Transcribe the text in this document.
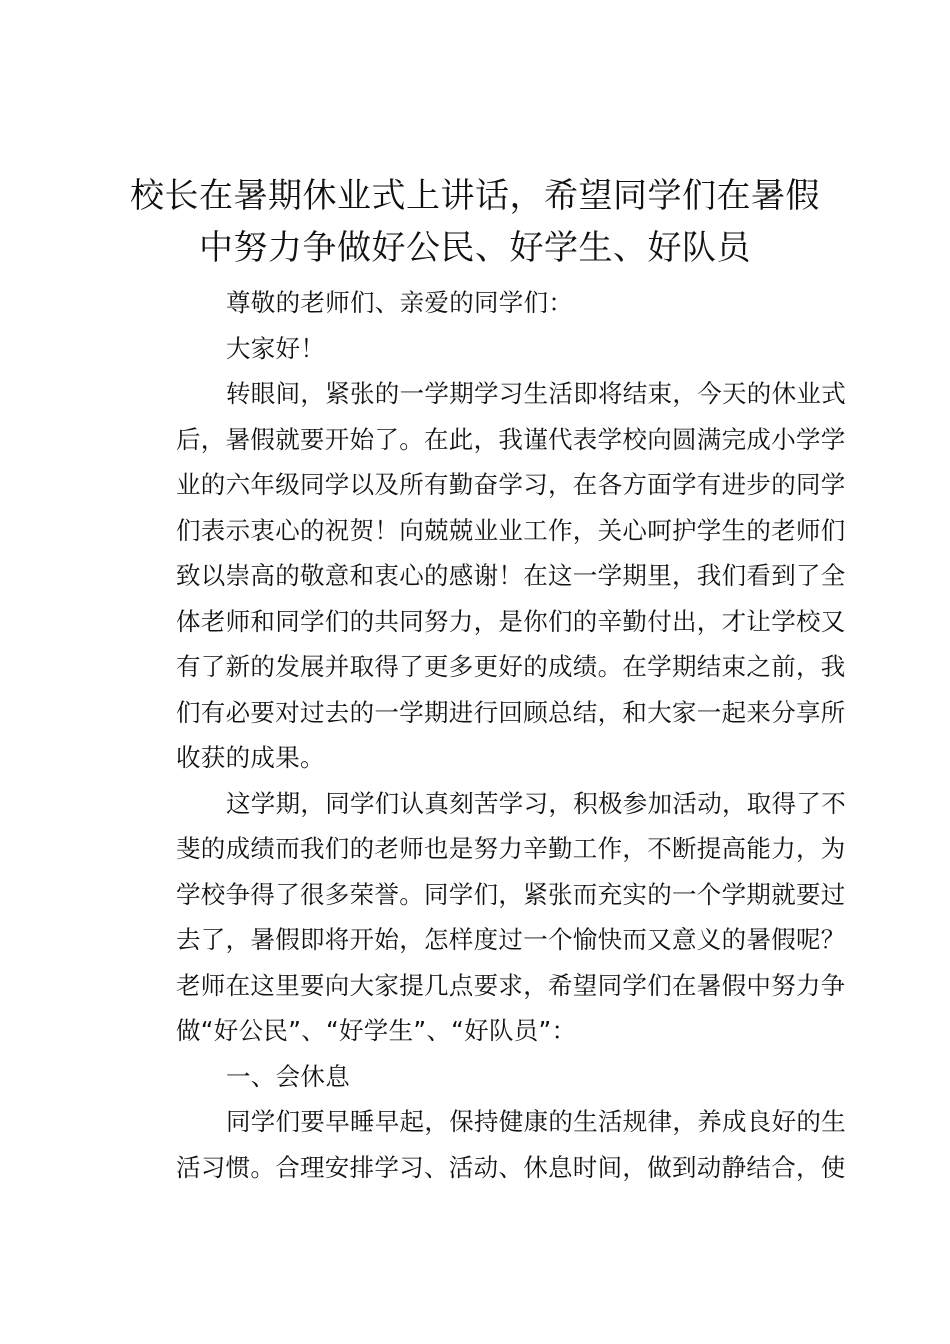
校长在暑期休业式上讲话，希望同学们在暑假
中努力争做好公民、好学生、好队员

尊敬的老师们、亲爱的同学们：

大家好！

转眼间，紧张的一学期学习生活即将结束，今天的休业式
后，暑假就要开始了。在此，我谨代表学校向圆满完成小学学
业的六年级同学以及所有勤奋学习，在各方面学有进步的同学
们表示衷心的祝贺！向兢兢业业工作，关心呵护学生的老师们
致以崇高的敬意和衷心的感谢！在这一学期里，我们看到了全
体老师和同学们的共同努力，是你们的辛勤付出，才让学校又
有了新的发展并取得了更多更好的成绩。在学期结束之前，我
们有必要对过去的一学期进行回顾总结，和大家一起来分享所
收获的成果。

这学期，同学们认真刻苦学习，积极参加活动，取得了不
斐的成绩而我们的老师也是努力辛勤工作，不断提高能力，为
学校争得了很多荣誉。同学们，紧张而充实的一个学期就要过
去了，暑假即将开始，怎样度过一个愉快而又意义的暑假呢？
老师在这里要向大家提几点要求，希望同学们在暑假中努力争
做“好公民”、“好学生”、“好队员”：

一、会休息

同学们要早睡早起，保持健康的生活规律，养成良好的生
活习惯。合理安排学习、活动、休息时间，做到动静结合，使
